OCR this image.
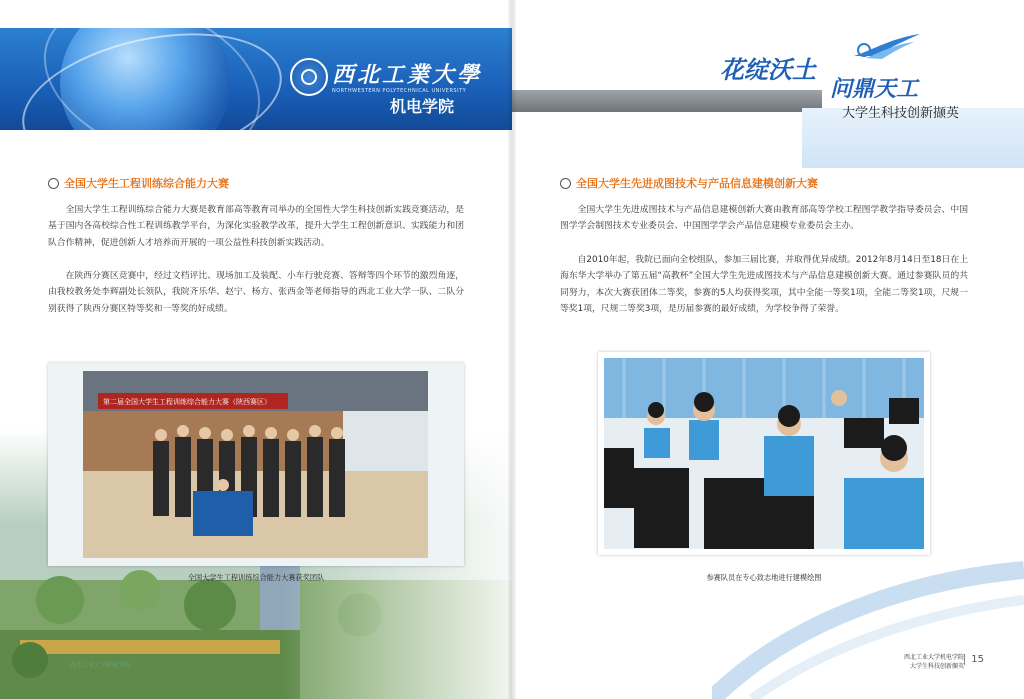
西北工業大學
NORTHWESTERN POLYTECHNICAL UNIVERSITY
机电学院
全国大学生工程训练综合能力大赛

全国大学生工程训练综合能力大赛是教育部高等教育司举办的全国性大学生科技创新实践竞赛活动，是基于国内各高校综合性工程训练教学平台，为深化实验教学改革，提升大学生工程创新意识、实践能力和团队合作精神，促进创新人才培养而开展的一项公益性科技创新实践活动。

在陕西分赛区竞赛中，经过文档评比、现场加工及装配、小车行驶竞赛、答辩等四个环节的激烈角逐，由我校教务处李辉副处长领队，我院齐乐华、赵宁、杨方、张西金等老师指导的西北工业大学一队、二队分别获得了陕西分赛区特等奖和一等奖的好成绩。

第二届全国大学生工程训练综合能力大赛（陕西赛区）
全国大学生工程训练综合能力大赛获奖团队
西北工业大学机电学院
花绽沃土
问鼎天工
大学生科技创新撷英
全国大学生先进成图技术与产品信息建模创新大赛

全国大学生先进成图技术与产品信息建模创新大赛由教育部高等学校工程图学教学指导委员会、中国图学学会制图技术专业委员会、中国图学学会产品信息建模专业委员会主办。

自2010年起，我院已面向全校组队，参加三届比赛，并取得优异成绩。2012年8月14日至18日在上海东华大学举办了第五届“高教杯”全国大学生先进成图技术与产品信息建模创新大赛。通过参赛队员的共同努力，本次大赛获团体二等奖，参赛的5人均获得奖项，其中全能一等奖1项，全能二等奖1项，尺规一等奖1项，尺规二等奖3项，是历届参赛的最好成绩，为学校争得了荣誉。

参赛队员在专心致志地进行建模绘图
西北工业大学机电学院
大学生科技创新撷英
15
